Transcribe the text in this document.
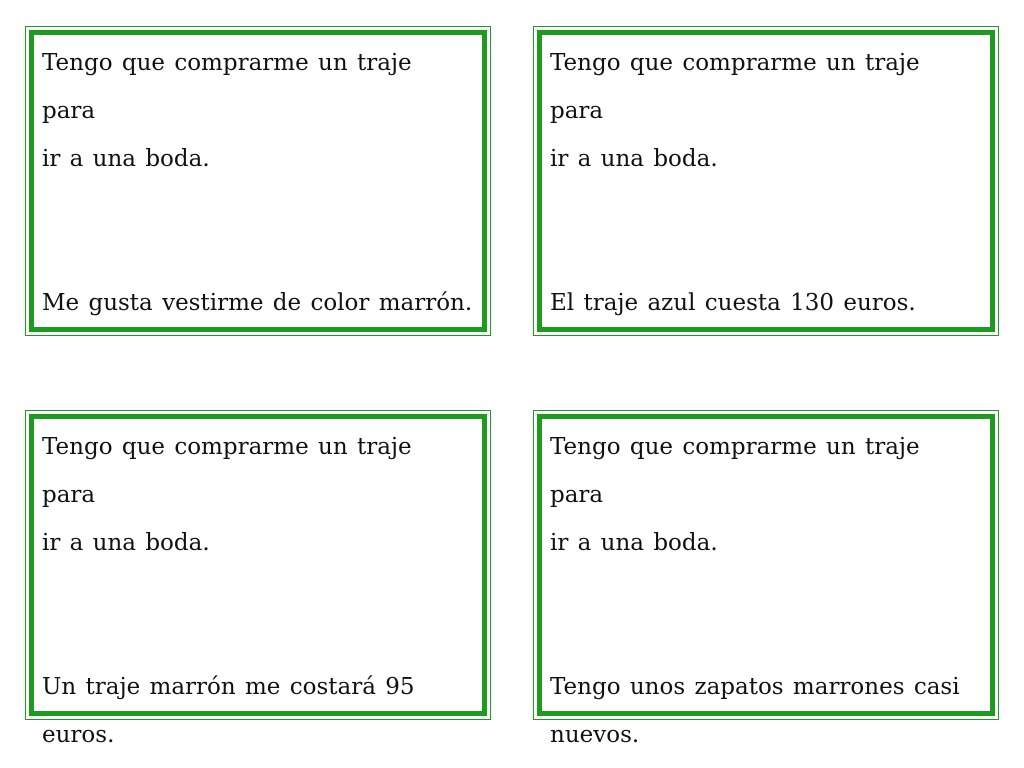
Tengo que comprarme un traje para

ir a una boda.

Me gusta vestirme de color marrón.

Tengo que comprarme un traje para

ir a una boda.

El traje azul cuesta 130 euros.

Tengo que comprarme un traje para

ir a una boda.

Un traje marrón me costará 95 euros.

Tengo que comprarme un traje para

ir a una boda.

Tengo unos zapatos marrones casi

nuevos.
